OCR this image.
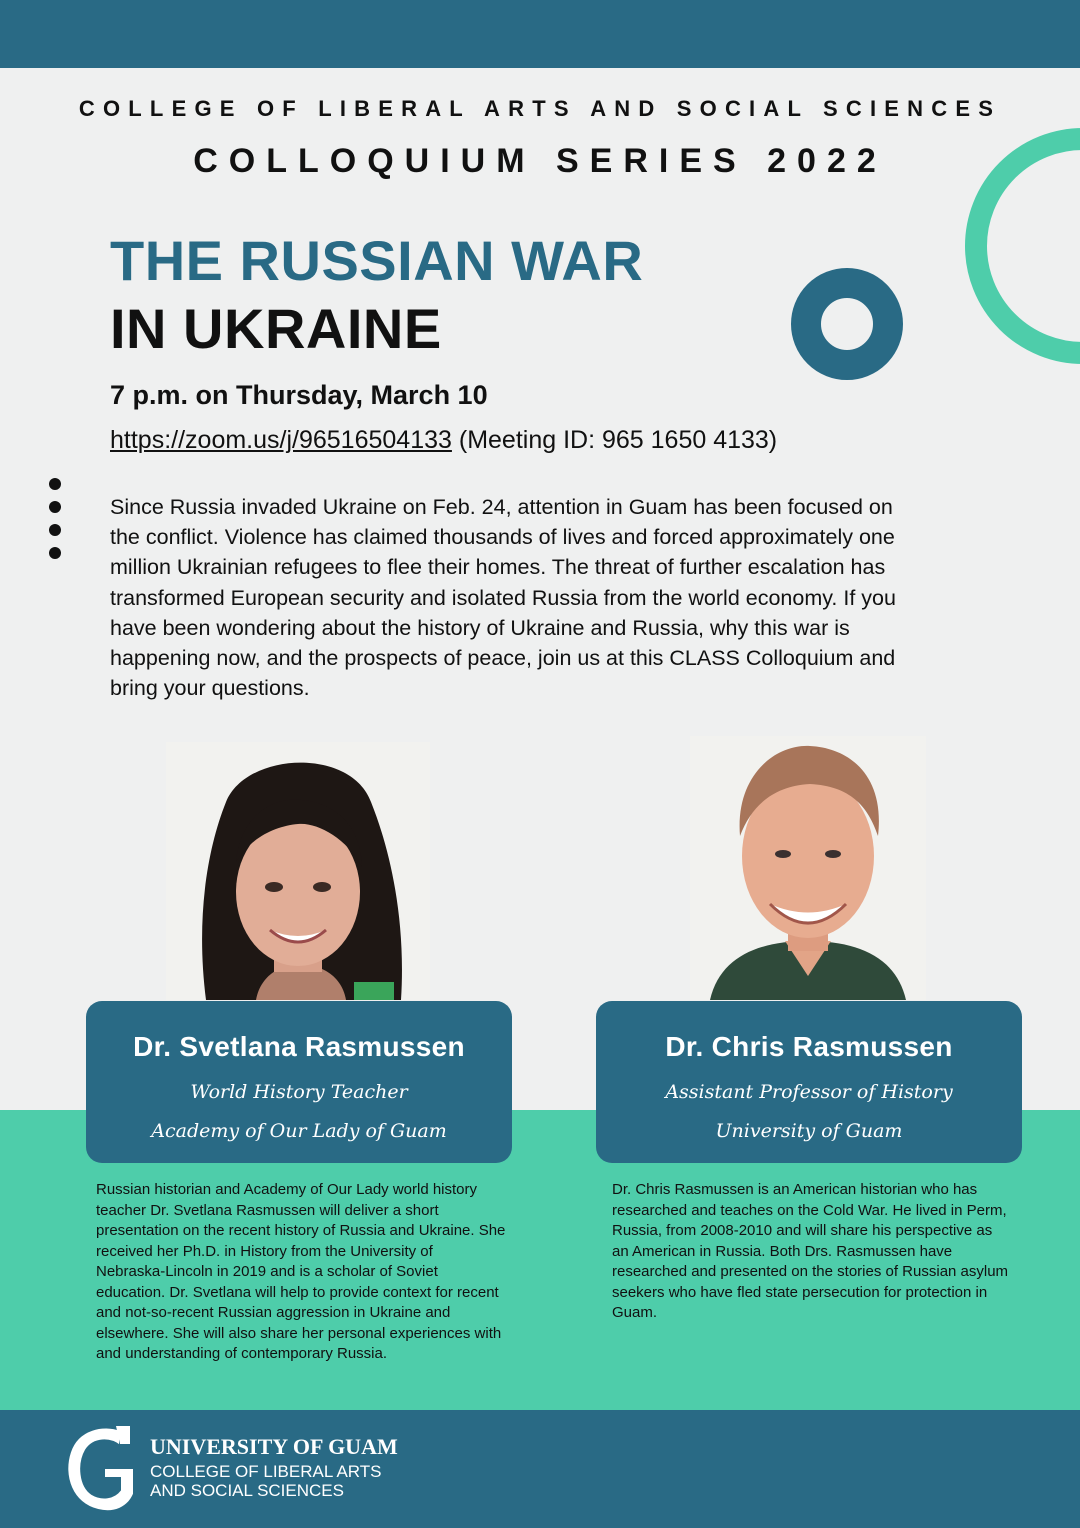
COLLEGE OF LIBERAL ARTS AND SOCIAL SCIENCES
COLLOQUIUM SERIES 2022
THE RUSSIAN WAR
IN UKRAINE
7 p.m. on Thursday, March 10
https://zoom.us/j/96516504133 (Meeting ID: 965 1650 4133)
Since Russia invaded Ukraine on Feb. 24, attention in Guam has been focused on the conflict. Violence has claimed thousands of lives and forced approximately one million Ukrainian refugees to flee their homes. The threat of further escalation has transformed European security and isolated Russia from the world economy. If you have been wondering about the history of Ukraine and Russia, why this war is happening now, and the prospects of peace, join us at this CLASS Colloquium and bring your questions.
Dr. Svetlana Rasmussen
World History Teacher
Academy of Our Lady of Guam
Dr. Chris Rasmussen
Assistant Professor of History
University of Guam
Russian historian and Academy of Our Lady world history teacher Dr. Svetlana Rasmussen will deliver a short presentation on the recent history of Russia and Ukraine. She received her Ph.D. in History from the University of Nebraska-Lincoln in 2019 and is a scholar of Soviet education. Dr. Svetlana will help to provide context for recent and not-so-recent Russian aggression in Ukraine and elsewhere. She will also share her personal experiences with and understanding of contemporary Russia.
Dr. Chris Rasmussen is an American historian who has researched and teaches on the Cold War. He lived in Perm, Russia, from 2008-2010 and will share his perspective as an American in Russia. Both Drs. Rasmussen have researched and presented on the stories of Russian asylum seekers who have fled state persecution for protection in Guam.
UNIVERSITY OF GUAM
COLLEGE OF LIBERAL ARTS
AND SOCIAL SCIENCES
